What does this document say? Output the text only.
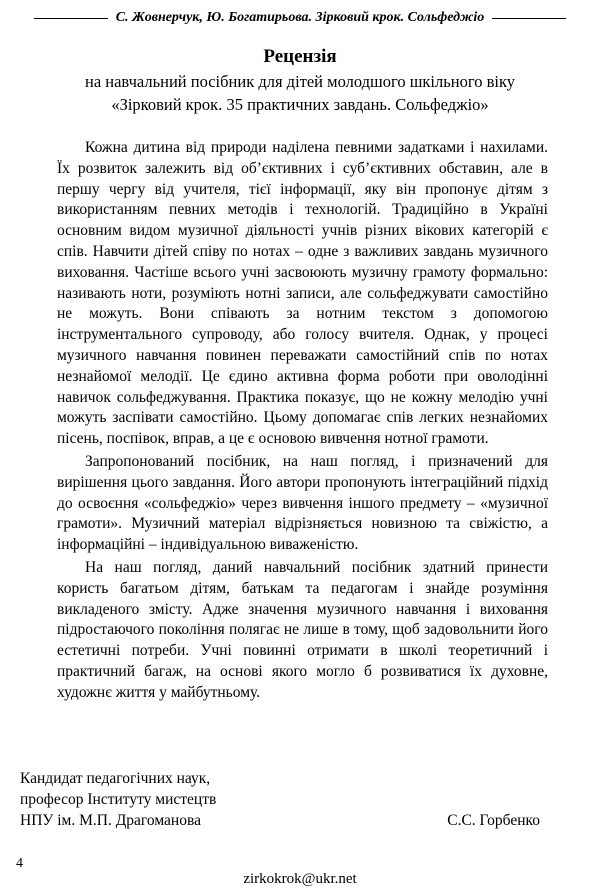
С. Жовнерчук, Ю. Богатирьова. Зірковий крок. Сольфеджіо
Рецензія
на навчальний посібник для дітей молодшого шкільного віку
«Зірковий крок. 35 практичних завдань. Сольфеджіо»

Кожна дитина від природи наділена певними задатками і нахилами. Їх розвиток залежить від об’єктивних і суб’єктивних обставин, але в першу чергу від учителя, тієї інформації, яку він пропонує дітям з використанням певних методів і технологій. Традиційно в Україні основним видом музичної діяльності учнів різних вікових категорій є спів. Навчити дітей співу по нотах – одне з важливих завдань музичного виховання. Частіше всього учні засвоюють музичну грамоту формально: називають ноти, розуміють нотні записи, але сольфеджувати самостійно не можуть. Вони співають за нотним текстом з допомогою інструментального супроводу, або голосу вчителя. Однак, у процесі музичного навчання повинен переважати самостійний спів по нотах незнайомої мелодії. Це єдино активна форма роботи при оволодінні навичок сольфеджування. Практика показує, що не кожну мелодію учні можуть заспівати самостійно. Цьому допомагає спів легких незнайомих пісень, поспівок, вправ, а це є основою вивчення нотної грамоти.

Запропонований посібник, на наш погляд, і призначений для вирішення цього завдання. Його автори пропонують інтеграційний підхід до освоєння «сольфеджіо» через вивчення іншого предмету – «музичної грамоти». Музичний матеріал відрізняється новизною та свіжістю, а інформаційні – індивідуальною виваженістю.

На наш погляд, даний навчальний посібник здатний принести користь багатьом дітям, батькам та педагогам і знайде розуміння викладеного змісту. Адже значення музичного навчання і виховання підростаючого покоління полягає не лише в тому, щоб задовольнити його естетичні потреби. Учні повинні отримати в школі теоретичний і практичний багаж, на основі якого могло б розвиватися їх духовне, художнє життя у майбутньому.

Кандидат педагогічних наук,
професор Інституту мистецтв
НПУ ім. М.П. Драгоманова	С.С. Горбенко
4
zirkokrok@ukr.net
